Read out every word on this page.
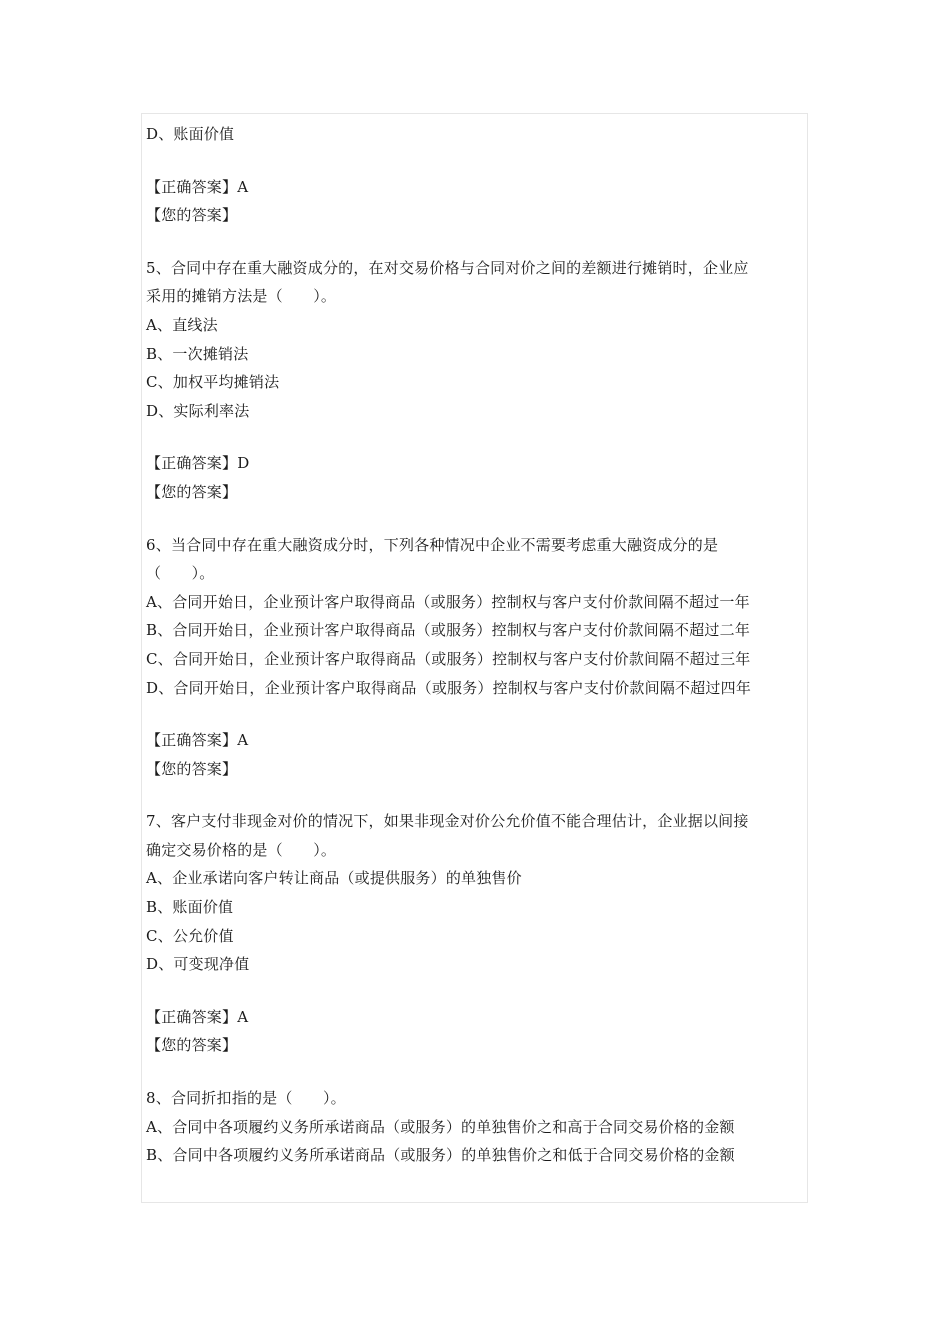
D、账面价值
【正确答案】A
【您的答案】
5、合同中存在重大融资成分的，在对交易价格与合同对价之间的差额进行摊销时，企业应
采用的摊销方法是（　　）。
A、直线法
B、一次摊销法
C、加权平均摊销法
D、实际利率法
【正确答案】D
【您的答案】
6、当合同中存在重大融资成分时，下列各种情况中企业不需要考虑重大融资成分的是
（　　）。
A、合同开始日，企业预计客户取得商品（或服务）控制权与客户支付价款间隔不超过一年
B、合同开始日，企业预计客户取得商品（或服务）控制权与客户支付价款间隔不超过二年
C、合同开始日，企业预计客户取得商品（或服务）控制权与客户支付价款间隔不超过三年
D、合同开始日，企业预计客户取得商品（或服务）控制权与客户支付价款间隔不超过四年
【正确答案】A
【您的答案】
7、客户支付非现金对价的情况下，如果非现金对价公允价值不能合理估计，企业据以间接
确定交易价格的是（　　）。
A、企业承诺向客户转让商品（或提供服务）的单独售价
B、账面价值
C、公允价值
D、可变现净值
【正确答案】A
【您的答案】
8、合同折扣指的是（　　）。
A、合同中各项履约义务所承诺商品（或服务）的单独售价之和高于合同交易价格的金额
B、合同中各项履约义务所承诺商品（或服务）的单独售价之和低于合同交易价格的金额
